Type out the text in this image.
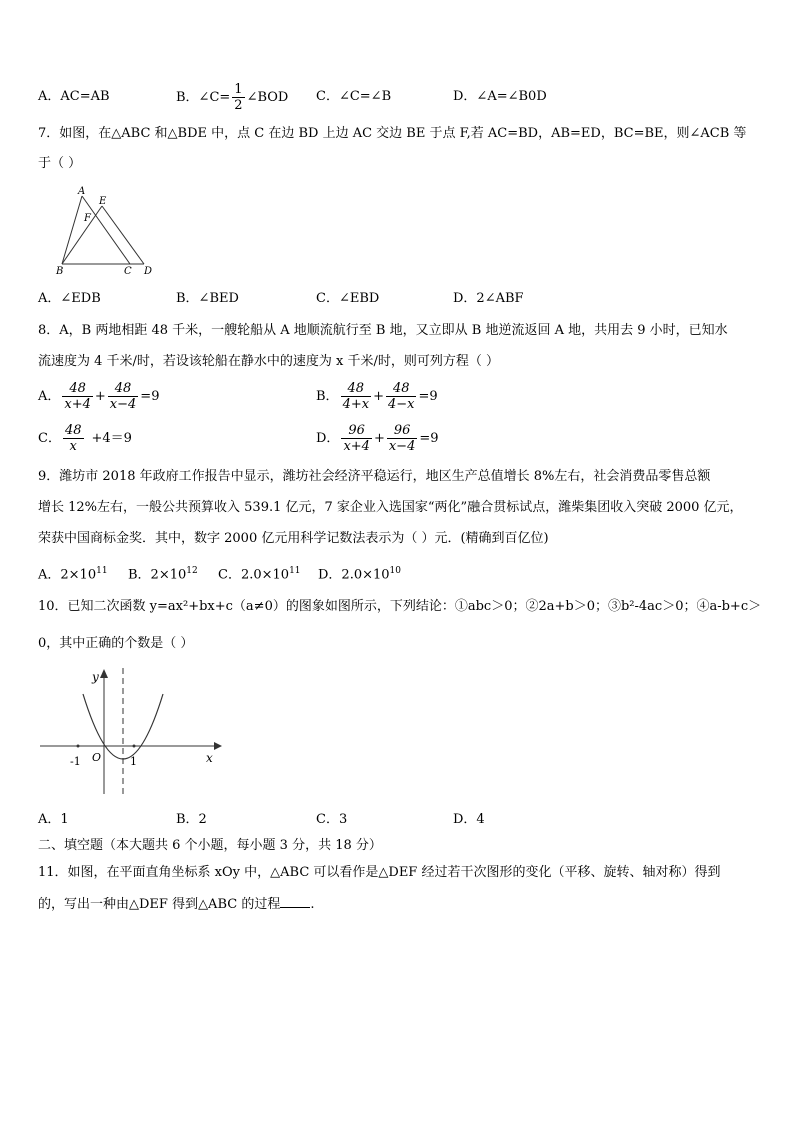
A．AC=AB	B．∠C= $\frac{1}{2}$ ∠BOD C．∠C=∠B	D．∠A=∠B0D
7．如图，在△ABC 和△BDE 中，点 C 在边 BD 上边 AC 交边 BE 于点 F,若 AC=BD，AB=ED，BC=BE，则∠ACB 等
于（ ）
A
E
F
B	C D
A．∠EDB	B．∠BED	C．∠EBD	D．2∠ABF
8．A，B 两地相距 48 千米，一艘轮船从 A 地顺流航行至 B 地，又立即从 B 地逆流返回 A 地，共用去 9 小时，已知水
流速度为 4 千米/时，若设该轮船在静水中的速度为 x 千米/时，则可列方程（ ）
A． $\frac{48}{x+4} + \frac{48}{x-4} =9$	B． $\frac{48}{4+x} + \frac{48}{4-x} =9$
C． $\frac{48}{x} +4=9$	D． $\frac{96}{x+4} + \frac{96}{x-4} =9$
9．潍坊市 2018 年政府工作报告中显示，潍坊社会经济平稳运行，地区生产总值增长 8%左右，社会消费品零售总额
增长 12%左右，一般公共预算收入 539.1 亿元，7 家企业入选国家“两化”融合贯标试点，潍柴集团收入突破 2000 亿元，
荣获中国商标金奖．其中，数字 2000 亿元用科学记数法表示为（ ）元．(精确到百亿位)
A．$2\times 10^{11}$ B．$2\times 10^{12}$ C．$2.0\times 10^{11}$ D．$2.0\times 10^{10}$
10．已知二次函数 y=ax²+bx+c（a≠0）的图象如图所示，下列结论：①abc＞0；②2a+b＞0；③b²-4ac＞0；④a-b+c＞
0，其中正确的个数是（ ）
y
x
O
-1	1
A．1	B．2	C．3	D．4
二、填空题（本大题共 6 个小题，每小题 3 分，共 18 分）
11．如图，在平面直角坐标系 xOy 中，△ABC 可以看作是△DEF 经过若干次图形的变化（平移、旋转、轴对称）得到
的，写出一种由△DEF 得到△ABC 的过程 .
